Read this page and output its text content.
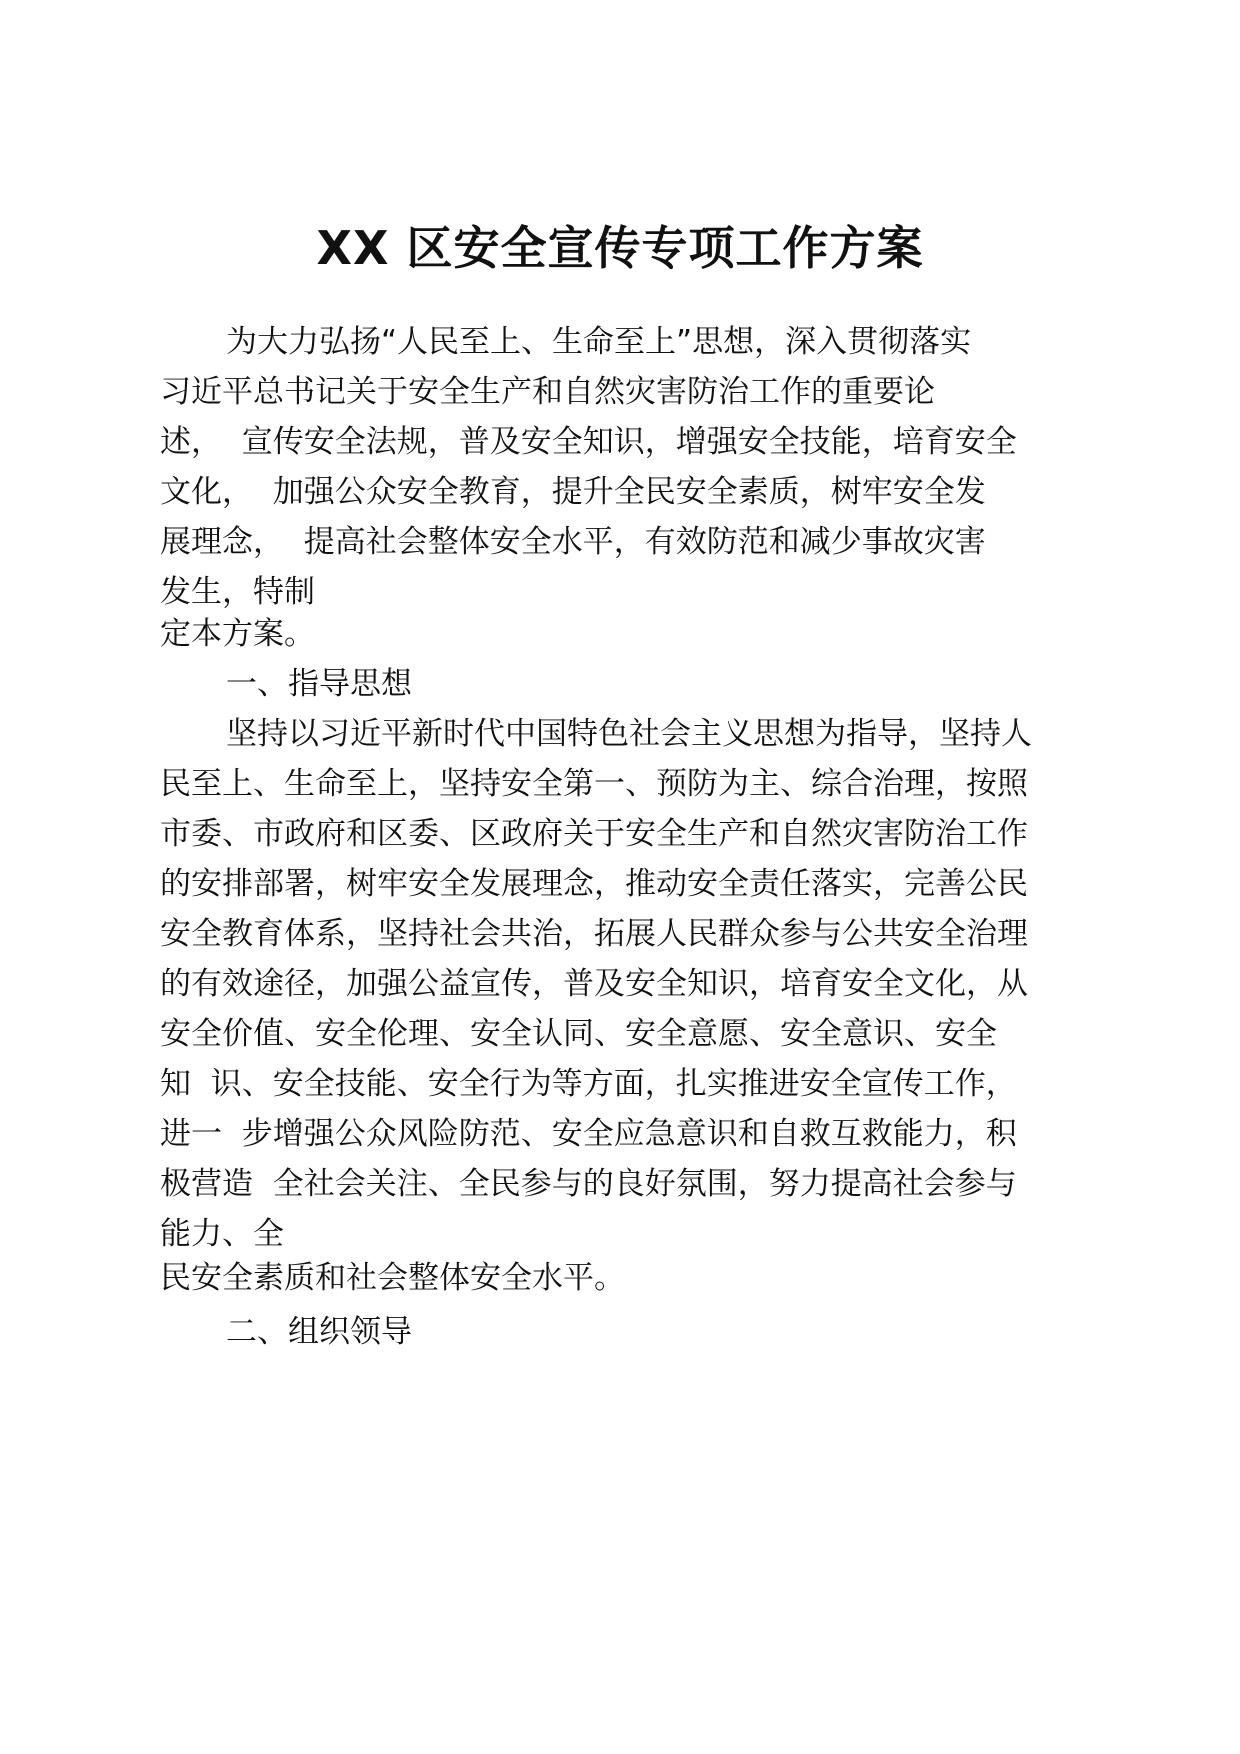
XX 区安全宣传专项工作方案

为大力弘扬“人民至上、生命至上”思想，深入贯彻落实

习近平总书记关于安全生产和自然灾害防治工作的重要论

述，  宣传安全法规，普及安全知识，增强安全技能，培育安全

文化，  加强公众安全教育，提升全民安全素质，树牢安全发

展理念，  提高社会整体安全水平，有效防范和减少事故灾害

发生，特制

定本方案。

一、指导思想

坚持以习近平新时代中国特色社会主义思想为指导，坚持人

民至上、生命至上，坚持安全第一、预防为主、综合治理，按照

市委、市政府和区委、区政府关于安全生产和自然灾害防治工作

的安排部署，树牢安全发展理念，推动安全责任落实，完善公民

安全教育体系，坚持社会共治，拓展人民群众参与公共安全治理

的有效途径，加强公益宣传，普及安全知识，培育安全文化，从

安全价值、安全伦理、安全认同、安全意愿、安全意识、安全

知  识、安全技能、安全行为等方面，扎实推进安全宣传工作，

进一  步增强公众风险防范、安全应急意识和自救互救能力，积

极营造  全社会关注、全民参与的良好氛围，努力提高社会参与

能力、全

民安全素质和社会整体安全水平。

二、组织领导
